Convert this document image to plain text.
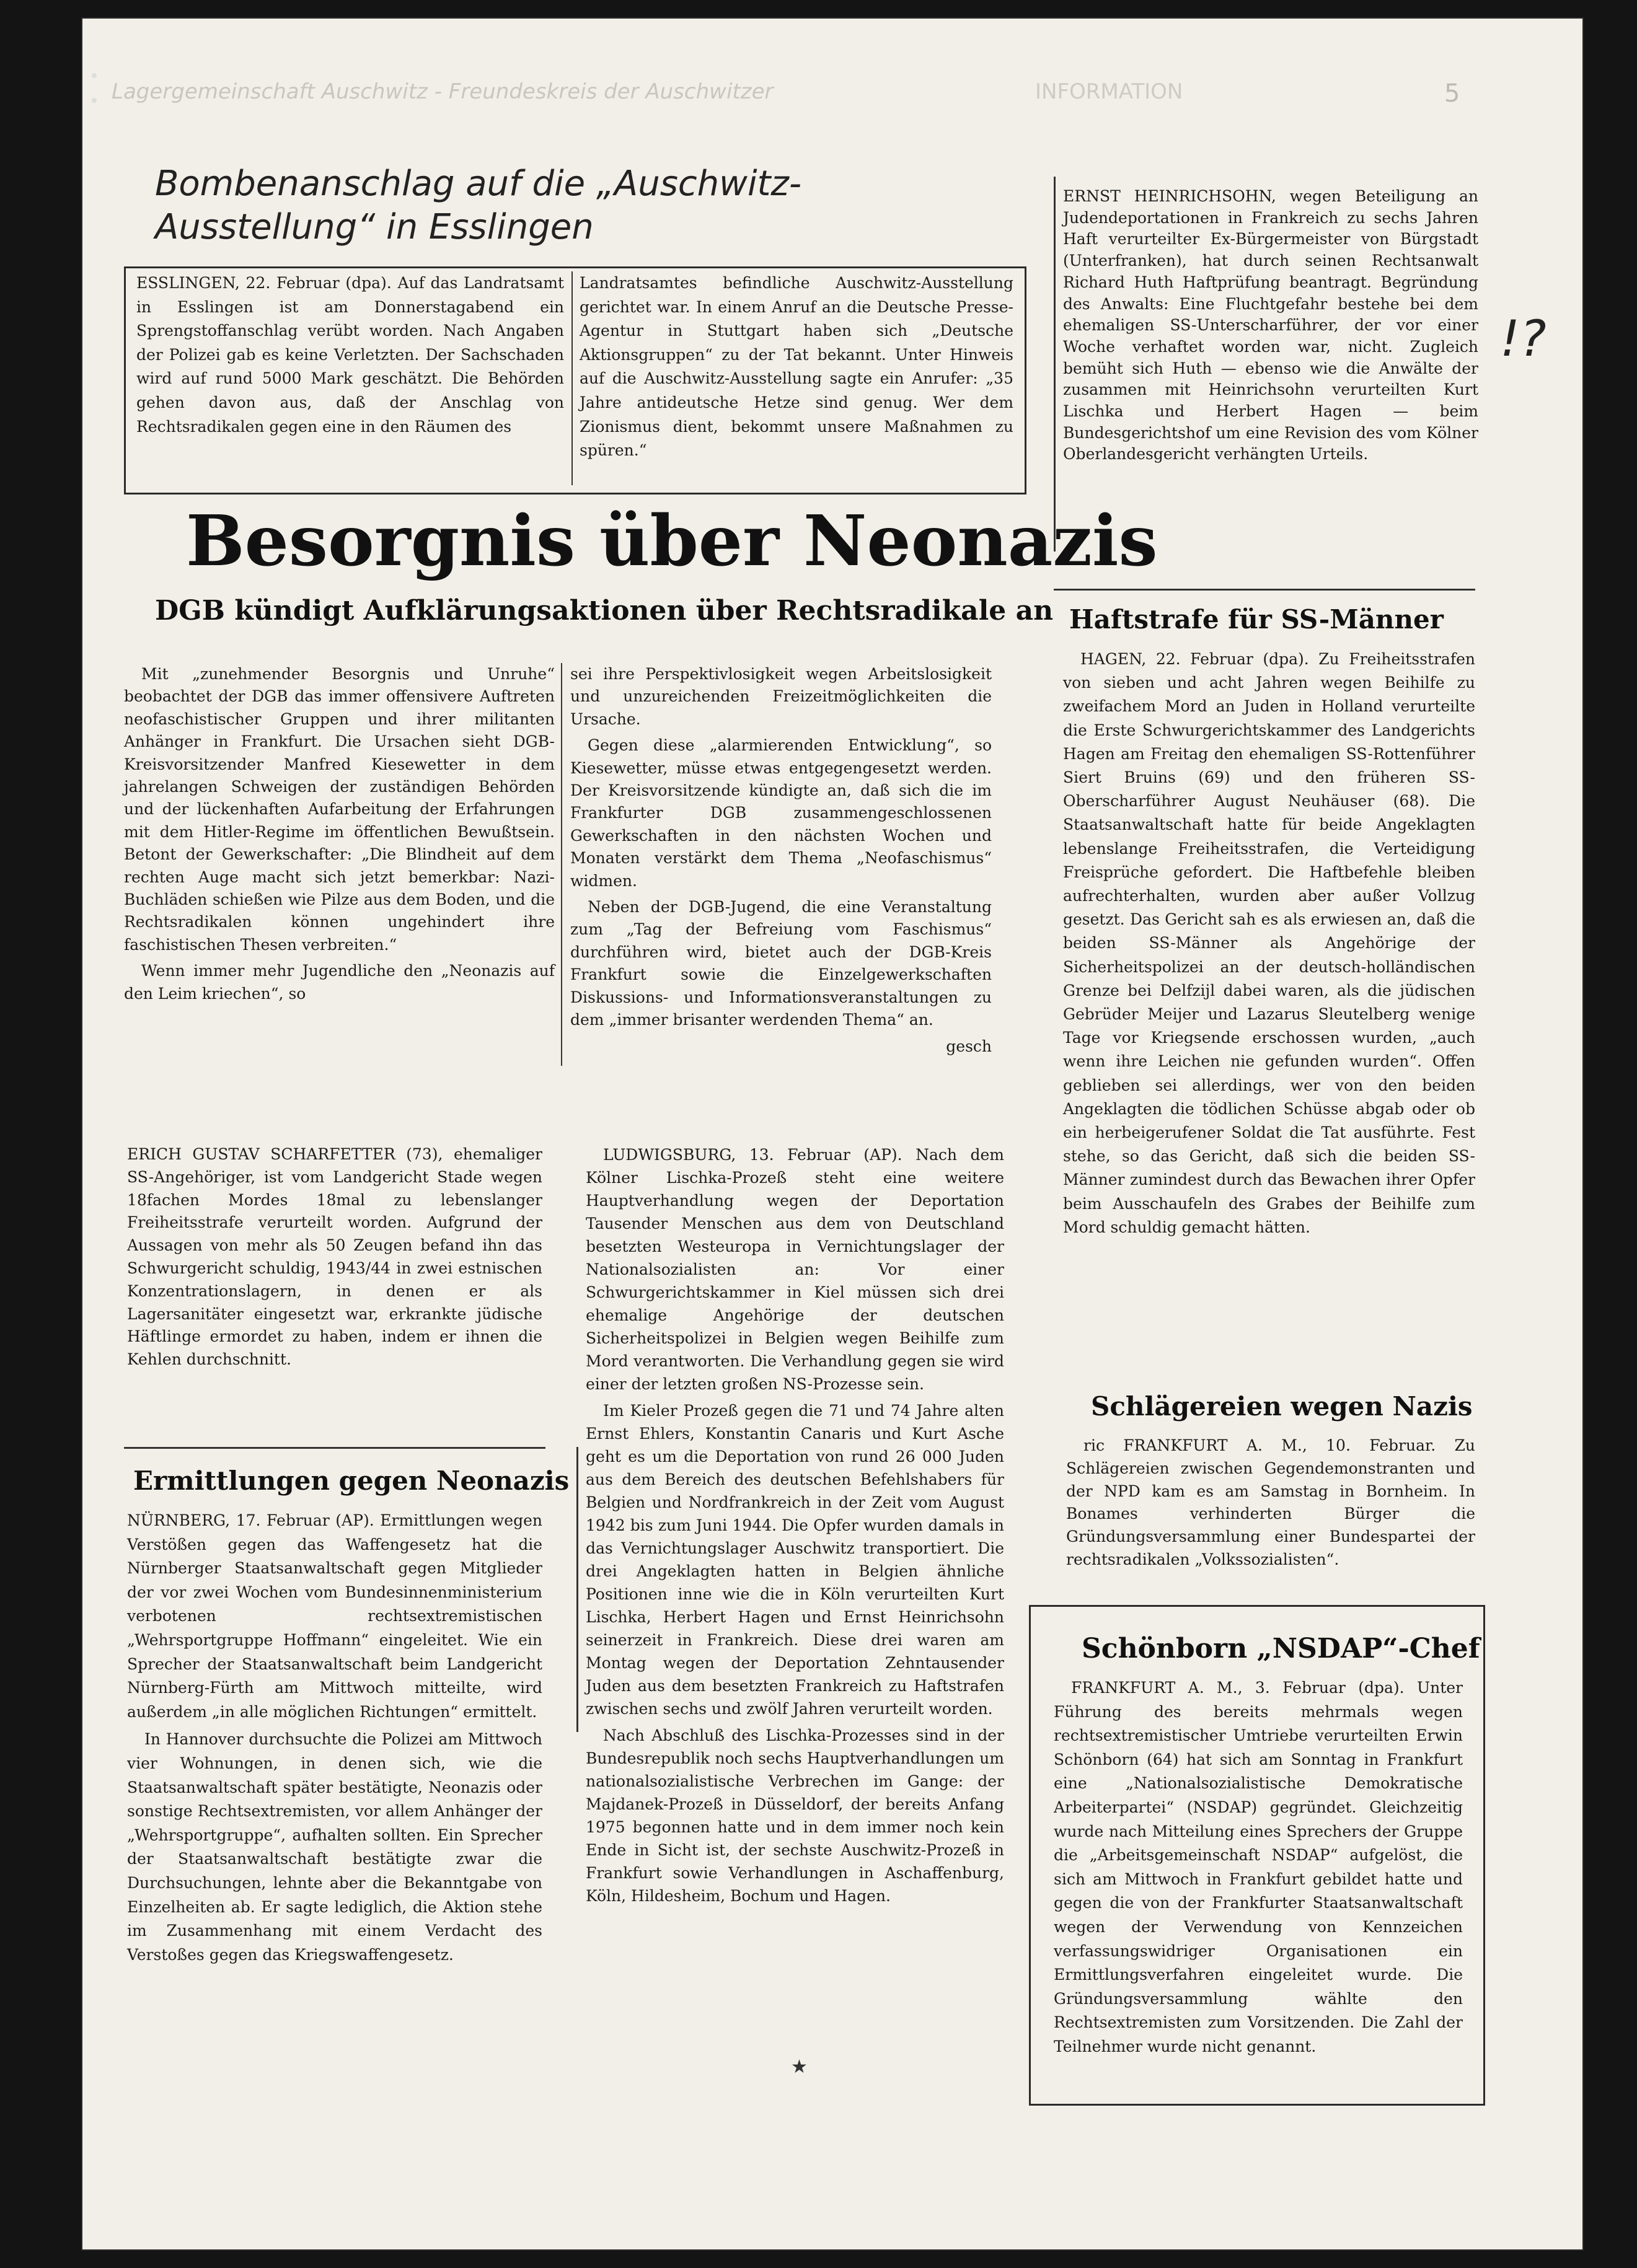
Lagergemeinschaft Auschwitz - Freundeskreis der Auschwitzer	INFORMATION	5
Bombenanschlag auf die „Auschwitz-Ausstellung“ in Esslingen

ESSLINGEN, 22. Februar (dpa). Auf das Landratsamt in Esslingen ist am Donnerstagabend ein Sprengstoffanschlag verübt worden. Nach Angaben der Polizei gab es keine Verletzten. Der Sachschaden wird auf rund 5000 Mark geschätzt. Die Behörden gehen davon aus, daß der Anschlag von Rechtsradikalen gegen eine in den Räumen des

Landratsamtes befindliche Auschwitz-Ausstellung gerichtet war. In einem Anruf an die Deutsche Presse-Agentur in Stuttgart haben sich „Deutsche Aktionsgruppen“ zu der Tat bekannt. Unter Hinweis auf die Auschwitz-Ausstellung sagte ein Anrufer: „35 Jahre antideutsche Hetze sind genug. Wer dem Zionismus dient, bekommt unsere Maßnahmen zu spüren.“

ERNST HEINRICHSOHN, wegen Beteiligung an Judendeportationen in Frankreich zu sechs Jahren Haft verurteilter Ex-Bürgermeister von Bürgstadt (Unterfranken), hat durch seinen Rechtsanwalt Richard Huth Haftprüfung beantragt. Begründung des Anwalts: Eine Fluchtgefahr bestehe bei dem ehemaligen SS-Unterscharführer, der vor einer Woche verhaftet worden war, nicht. Zugleich bemüht sich Huth — ebenso wie die Anwälte der zusammen mit Heinrichsohn verurteilten Kurt Lischka und Herbert Hagen — beim Bundesgerichtshof um eine Revision des vom Kölner Oberlandesgericht verhängten Urteils.

!?
Besorgnis über Neonazis
DGB kündigt Aufklärungsaktionen über Rechtsradikale an

Mit „zunehmender Besorgnis und Unruhe“ beobachtet der DGB das immer offensivere Auftreten neofaschistischer Gruppen und ihrer militanten Anhänger in Frankfurt. Die Ursachen sieht DGB-Kreisvorsitzender Manfred Kiesewetter in dem jahrelangen Schweigen der zuständigen Behörden und der lückenhaften Aufarbeitung der Erfahrungen mit dem Hitler-Regime im öffentlichen Bewußtsein. Betont der Gewerkschafter: „Die Blindheit auf dem rechten Auge macht sich jetzt bemerkbar: Nazi-Buchläden schießen wie Pilze aus dem Boden, und die Rechtsradikalen können ungehindert ihre faschistischen Thesen verbreiten.“

Wenn immer mehr Jugendliche den „Neonazis auf den Leim kriechen“, so

sei ihre Perspektivlosigkeit wegen Arbeitslosigkeit und unzureichenden Freizeitmöglichkeiten die Ursache.

Gegen diese „alarmierenden Entwicklung“, so Kiesewetter, müsse etwas entgegengesetzt werden. Der Kreisvorsitzende kündigte an, daß sich die im Frankfurter DGB zusammengeschlossenen Gewerkschaften in den nächsten Wochen und Monaten verstärkt dem Thema „Neofaschismus“ widmen.

Neben der DGB-Jugend, die eine Veranstaltung zum „Tag der Befreiung vom Faschismus“ durchführen wird, bietet auch der DGB-Kreis Frankfurt sowie die Einzelgewerkschaften Diskussions- und Informationsveranstaltungen zu dem „immer brisanter werdenden Thema“ an.

gesch

Haftstrafe für SS-Männer

HAGEN, 22. Februar (dpa). Zu Freiheitsstrafen von sieben und acht Jahren wegen Beihilfe zu zweifachem Mord an Juden in Holland verurteilte die Erste Schwurgerichtskammer des Landgerichts Hagen am Freitag den ehemaligen SS-Rottenführer Siert Bruins (69) und den früheren SS-Oberscharführer August Neuhäuser (68). Die Staatsanwaltschaft hatte für beide Angeklagten lebenslange Freiheitsstrafen, die Verteidigung Freisprüche gefordert. Die Haftbefehle bleiben aufrechterhalten, wurden aber außer Vollzug gesetzt. Das Gericht sah es als erwiesen an, daß die beiden SS-Männer als Angehörige der Sicherheitspolizei an der deutsch-holländischen Grenze bei Delfzijl dabei waren, als die jüdischen Gebrüder Meijer und Lazarus Sleutelberg wenige Tage vor Kriegsende erschossen wurden, „auch wenn ihre Leichen nie gefunden wurden“. Offen geblieben sei allerdings, wer von den beiden Angeklagten die tödlichen Schüsse abgab oder ob ein herbeigerufener Soldat die Tat ausführte. Fest stehe, so das Gericht, daß sich die beiden SS-Männer zumindest durch das Bewachen ihrer Opfer beim Ausschaufeln des Grabes der Beihilfe zum Mord schuldig gemacht hätten.

ERICH GUSTAV SCHARFETTER (73), ehemaliger SS-Angehöriger, ist vom Landgericht Stade wegen 18fachen Mordes 18mal zu lebenslanger Freiheitsstrafe verurteilt worden. Aufgrund der Aussagen von mehr als 50 Zeugen befand ihn das Schwurgericht schuldig, 1943/44 in zwei estnischen Konzentrationslagern, in denen er als Lagersanitäter eingesetzt war, erkrankte jüdische Häftlinge ermordet zu haben, indem er ihnen die Kehlen durchschnitt.

LUDWIGSBURG, 13. Februar (AP). Nach dem Kölner Lischka-Prozeß steht eine weitere Hauptverhandlung wegen der Deportation Tausender Menschen aus dem von Deutschland besetzten Westeuropa in Vernichtungslager der Nationalsozialisten an: Vor einer Schwurgerichtskammer in Kiel müssen sich drei ehemalige Angehörige der deutschen Sicherheitspolizei in Belgien wegen Beihilfe zum Mord verantworten. Die Verhandlung gegen sie wird einer der letzten großen NS-Prozesse sein.

Im Kieler Prozeß gegen die 71 und 74 Jahre alten Ernst Ehlers, Konstantin Canaris und Kurt Asche geht es um die Deportation von rund 26 000 Juden aus dem Bereich des deutschen Befehlshabers für Belgien und Nordfrankreich in der Zeit vom August 1942 bis zum Juni 1944. Die Opfer wurden damals in das Vernichtungslager Auschwitz transportiert. Die drei Angeklagten hatten in Belgien ähnliche Positionen inne wie die in Köln verurteilten Kurt Lischka, Herbert Hagen und Ernst Heinrichsohn seinerzeit in Frankreich. Diese drei waren am Montag wegen der Deportation Zehntausender Juden aus dem besetzten Frankreich zu Haftstrafen zwischen sechs und zwölf Jahren verurteilt worden.

Nach Abschluß des Lischka-Prozesses sind in der Bundesrepublik noch sechs Hauptverhandlungen um nationalsozialistische Verbrechen im Gange: der Majdanek-Prozeß in Düsseldorf, der bereits Anfang 1975 begonnen hatte und in dem immer noch kein Ende in Sicht ist, der sechste Auschwitz-Prozeß in Frankfurt sowie Verhandlungen in Aschaffenburg, Köln, Hildesheim, Bochum und Hagen.

★
Ermittlungen gegen Neonazis

NÜRNBERG, 17. Februar (AP). Ermittlungen wegen Verstößen gegen das Waffengesetz hat die Nürnberger Staatsanwaltschaft gegen Mitglieder der vor zwei Wochen vom Bundesinnenministerium verbotenen rechtsextremistischen „Wehrsportgruppe Hoffmann“ eingeleitet. Wie ein Sprecher der Staatsanwaltschaft beim Landgericht Nürnberg-Fürth am Mittwoch mitteilte, wird außerdem „in alle möglichen Richtungen“ ermittelt.

In Hannover durchsuchte die Polizei am Mittwoch vier Wohnungen, in denen sich, wie die Staatsanwaltschaft später bestätigte, Neonazis oder sonstige Rechtsextremisten, vor allem Anhänger der „Wehrsportgruppe“, aufhalten sollten. Ein Sprecher der Staatsanwaltschaft bestätigte zwar die Durchsuchungen, lehnte aber die Bekanntgabe von Einzelheiten ab. Er sagte lediglich, die Aktion stehe im Zusammenhang mit einem Verdacht des Verstoßes gegen das Kriegswaffengesetz.

Schlägereien wegen Nazis

ric FRANKFURT A. M., 10. Februar. Zu Schlägereien zwischen Gegendemonstranten und der NPD kam es am Samstag in Bornheim. In Bonames verhinderten Bürger die Gründungsversammlung einer Bundespartei der rechtsradikalen „Volkssozialisten“.

Schönborn „NSDAP“-Chef

FRANKFURT A. M., 3. Februar (dpa). Unter Führung des bereits mehrmals wegen rechtsextremistischer Umtriebe verurteilten Erwin Schönborn (64) hat sich am Sonntag in Frankfurt eine „Nationalsozialistische Demokratische Arbeiterpartei“ (NSDAP) gegründet. Gleichzeitig wurde nach Mitteilung eines Sprechers der Gruppe die „Arbeitsgemeinschaft NSDAP“ aufgelöst, die sich am Mittwoch in Frankfurt gebildet hatte und gegen die von der Frankfurter Staatsanwaltschaft wegen der Verwendung von Kennzeichen verfassungswidriger Organisationen ein Ermittlungsverfahren eingeleitet wurde. Die Gründungsversammlung wählte den Rechtsextremisten zum Vorsitzenden. Die Zahl der Teilnehmer wurde nicht genannt.
